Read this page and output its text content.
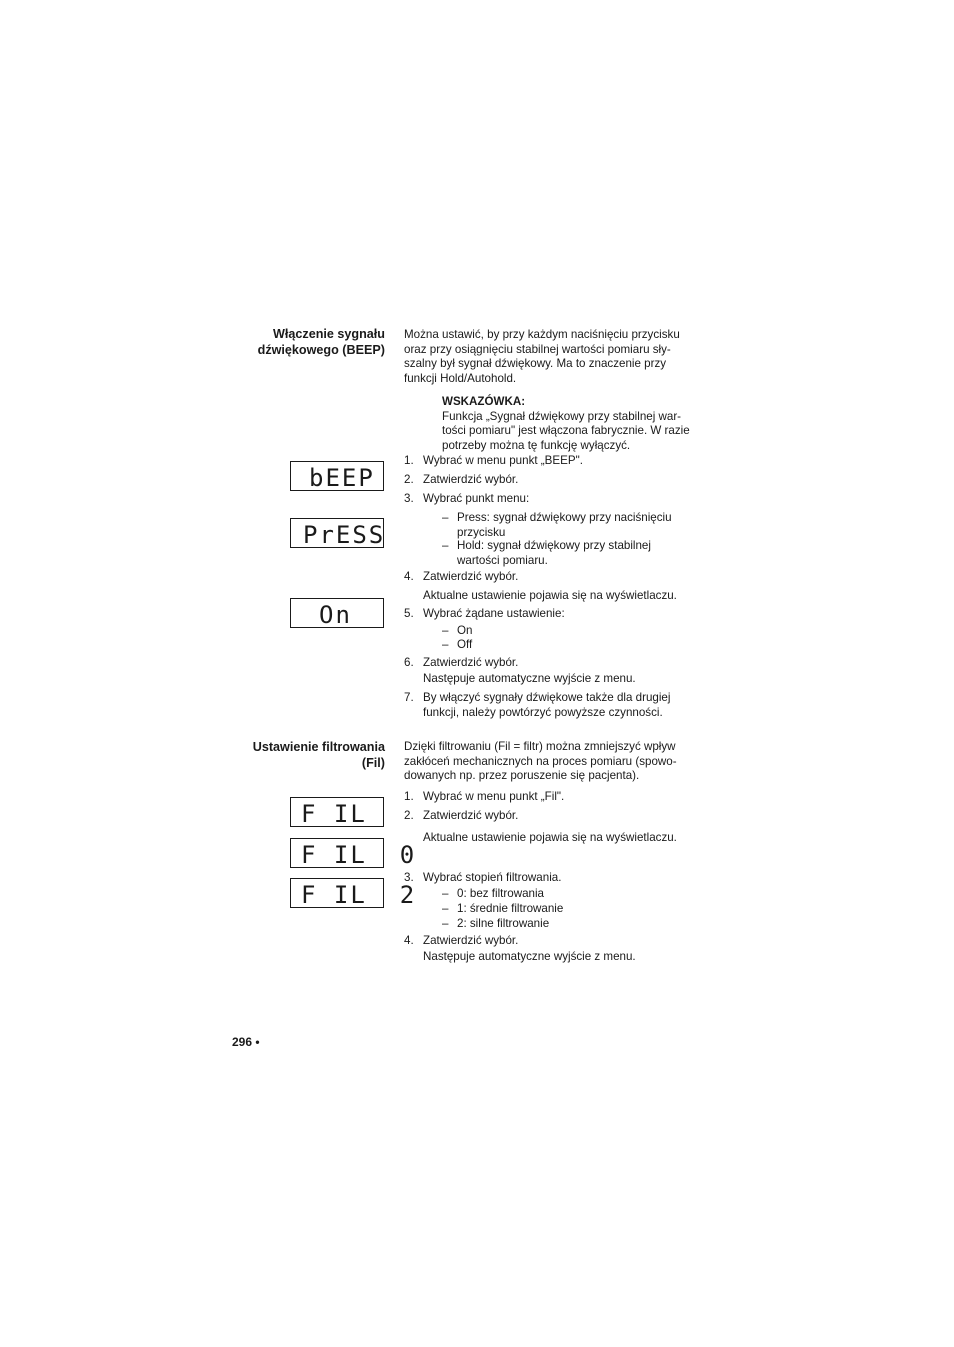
Włączenie sygnału
dźwiękowego (BEEP)
Można ustawić, by przy każdym naciśnięciu przycisku
oraz przy osiągnięciu stabilnej wartości pomiaru sły-
szalny był sygnał dźwiękowy. Ma to znaczenie przy
funkcji Hold/Autohold.
WSKAZÓWKA:
Funkcja „Sygnał dźwiękowy przy stabilnej war-
tości pomiaru" jest włączona fabrycznie. W razie
potrzeby można tę funkcję wyłączyć.
bEEP
PrESS
On
1. Wybrać w menu punkt „BEEP".
2. Zatwierdzić wybór.
3. Wybrać punkt menu:
– Press: sygnał dźwiękowy przy naciśnięciu
przycisku
– Hold: sygnał dźwiękowy przy stabilnej
wartości pomiaru.
4. Zatwierdzić wybór.
Aktualne ustawienie pojawia się na wyświetlaczu.
5. Wybrać żądane ustawienie:
– On
– Off
6. Zatwierdzić wybór.
Następuje automatyczne wyjście z menu.
7. By włączyć sygnały dźwiękowe także dla drugiej
funkcji, należy powtórzyć powyższe czynności.
Ustawienie filtrowania
(Fil)
Dzięki filtrowaniu (Fil = filtr) można zmniejszyć wpływ
zakłóceń mechanicznych na proces pomiaru (spowo-
dowanych np. przez poruszenie się pacjenta).
F IL
F IL  0
F IL  2
1. Wybrać w menu punkt „Fil".
2. Zatwierdzić wybór.
Aktualne ustawienie pojawia się na wyświetlaczu.
3. Wybrać stopień filtrowania.
– 0: bez filtrowania
– 1: średnie filtrowanie
– 2: silne filtrowanie
4. Zatwierdzić wybór.
Następuje automatyczne wyjście z menu.
296 •
